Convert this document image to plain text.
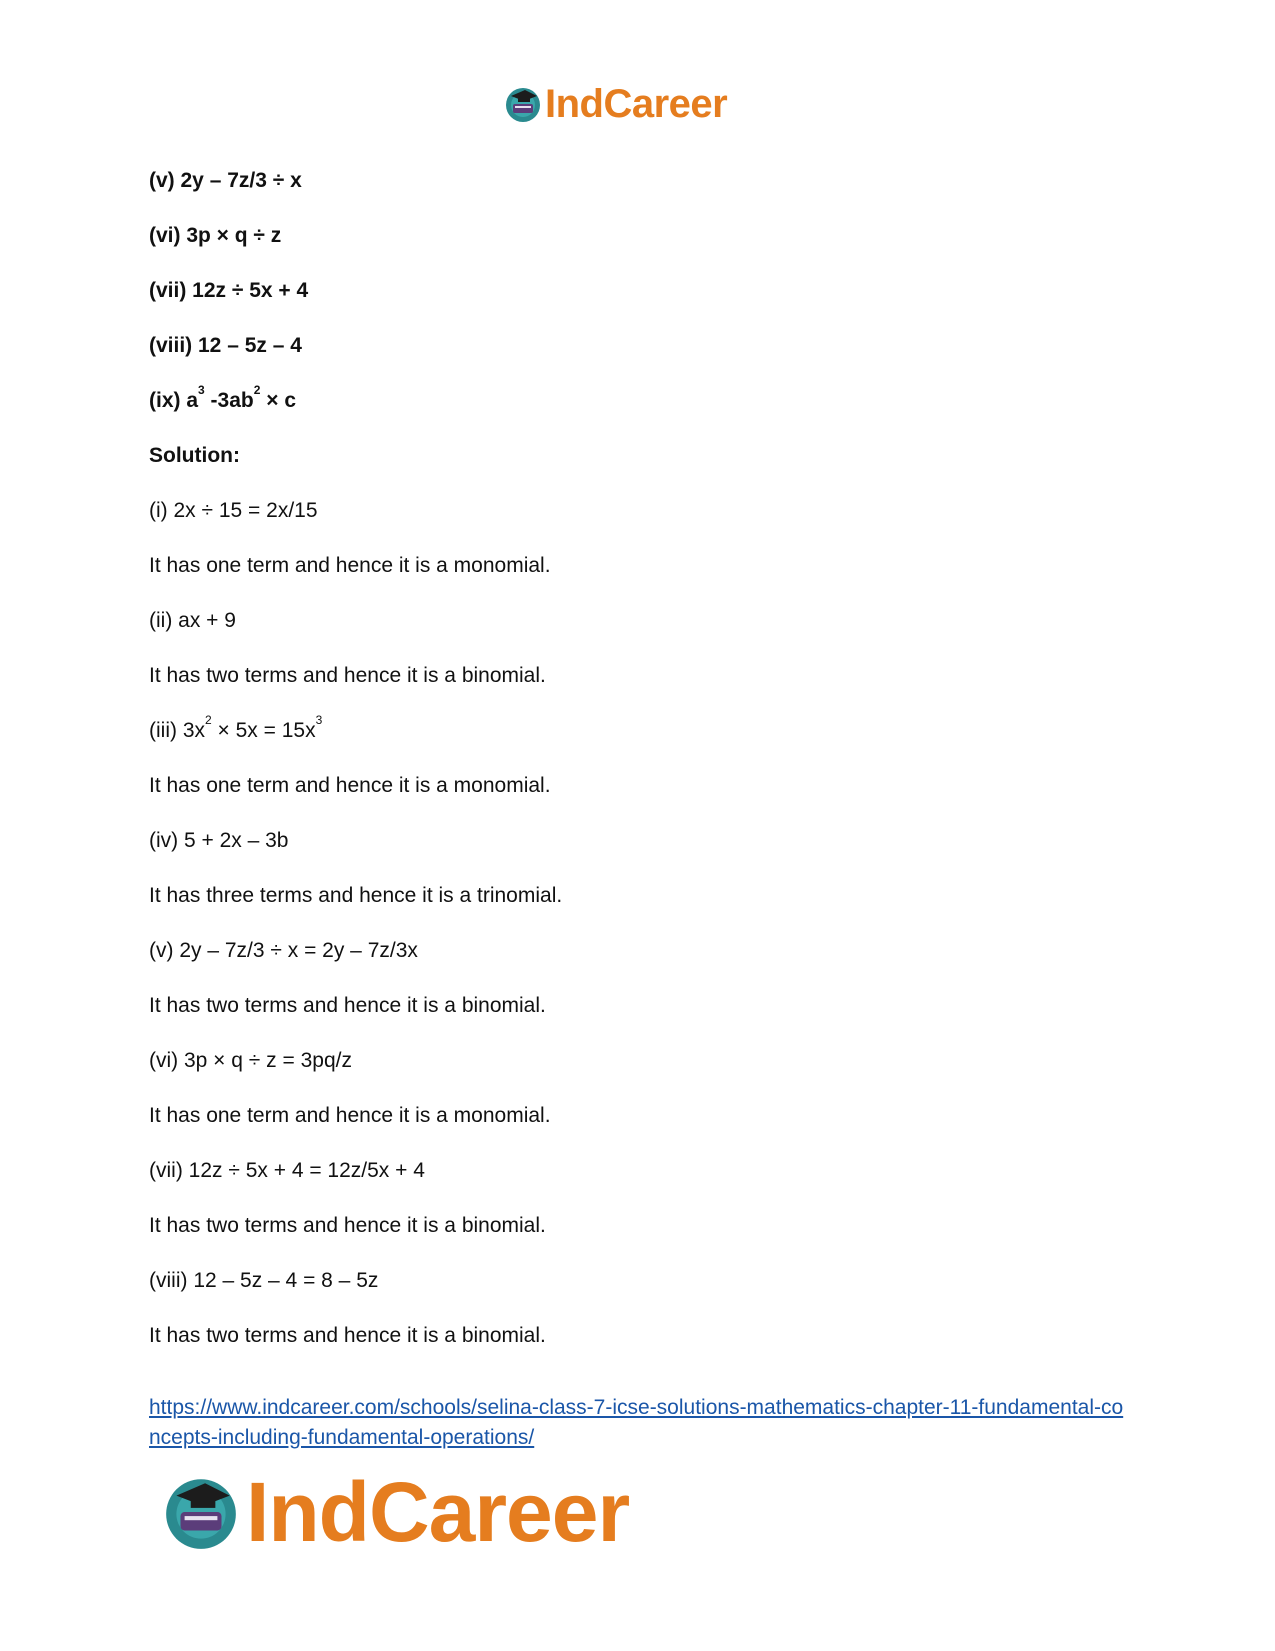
IndCareer
(v) 2y – 7z/3 ÷ x
(vi) 3p × q ÷ z
(vii) 12z ÷ 5x + 4
(viii) 12 – 5z – 4
(ix) $a^3$ $-3ab^2 \times c$
Solution:
(i) 2x ÷ 15 = 2x/15
It has one term and hence it is a monomial.
(ii) ax + 9
It has two terms and hence it is a binomial.
(iii) $3x^2 \times 5x = 15x^3$
It has one term and hence it is a monomial.
(iv) 5 + 2x – 3b
It has three terms and hence it is a trinomial.
(v) 2y – 7z/3 ÷ x = 2y – 7z/3x
It has two terms and hence it is a binomial.
(vi) 3p × q ÷ z = 3pq/z
It has one term and hence it is a monomial.
(vii) 12z ÷ 5x + 4 = 12z/5x + 4
It has two terms and hence it is a binomial.
(viii) 12 – 5z – 4 = 8 – 5z
It has two terms and hence it is a binomial.
https://www.indcareer.com/schools/selina-class-7-icse-solutions-mathematics-chapter-11-fundamental-concepts-including-fundamental-operations/
IndCareer
